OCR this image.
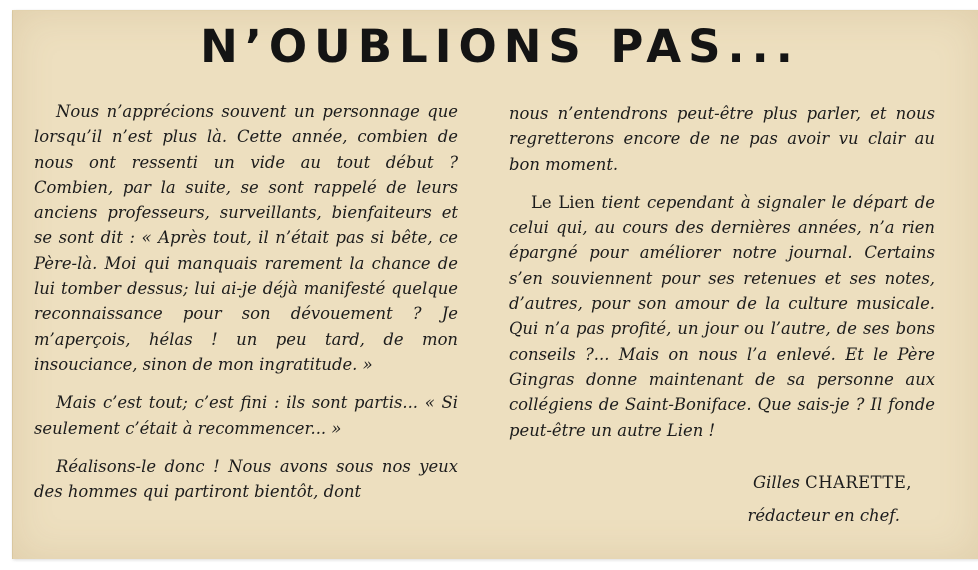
N’OUBLIONS PAS...

Nous n’apprécions souvent un personnage que lorsqu’il n’est plus là. Cette année, combien de nous ont ressenti un vide au tout début ? Combien, par la suite, se sont rappelé de leurs anciens professeurs, surveillants, bienfaiteurs et se sont dit : « Après tout, il n’était pas si bête, ce Père-là. Moi qui manquais rarement la chance de lui tomber dessus; lui ai-je déjà manifesté quelque reconnaissance pour son dévouement ? Je m’aperçois, hélas ! un peu tard, de mon insouciance, sinon de mon ingratitude. »

Mais c’est tout; c’est fini : ils sont partis... « Si seulement c’était à recommencer... »

Réalisons-le donc ! Nous avons sous nos yeux des hommes qui partiront bientôt, dont

nous n’entendrons peut-être plus parler, et nous regretterons encore de ne pas avoir vu clair au bon moment.

Le Lien tient cependant à signaler le départ de celui qui, au cours des dernières années, n’a rien épargné pour améliorer notre journal. Certains s’en souviennent pour ses retenues et ses notes, d’autres, pour son amour de la culture musicale. Qui n’a pas profité, un jour ou l’autre, de ses bons conseils ?... Mais on nous l’a enlevé. Et le Père Gingras donne maintenant de sa personne aux collégiens de Saint-Boniface. Que sais-je ? Il fonde peut-être un autre Lien !

Gilles CHARETTE,
rédacteur en chef.
